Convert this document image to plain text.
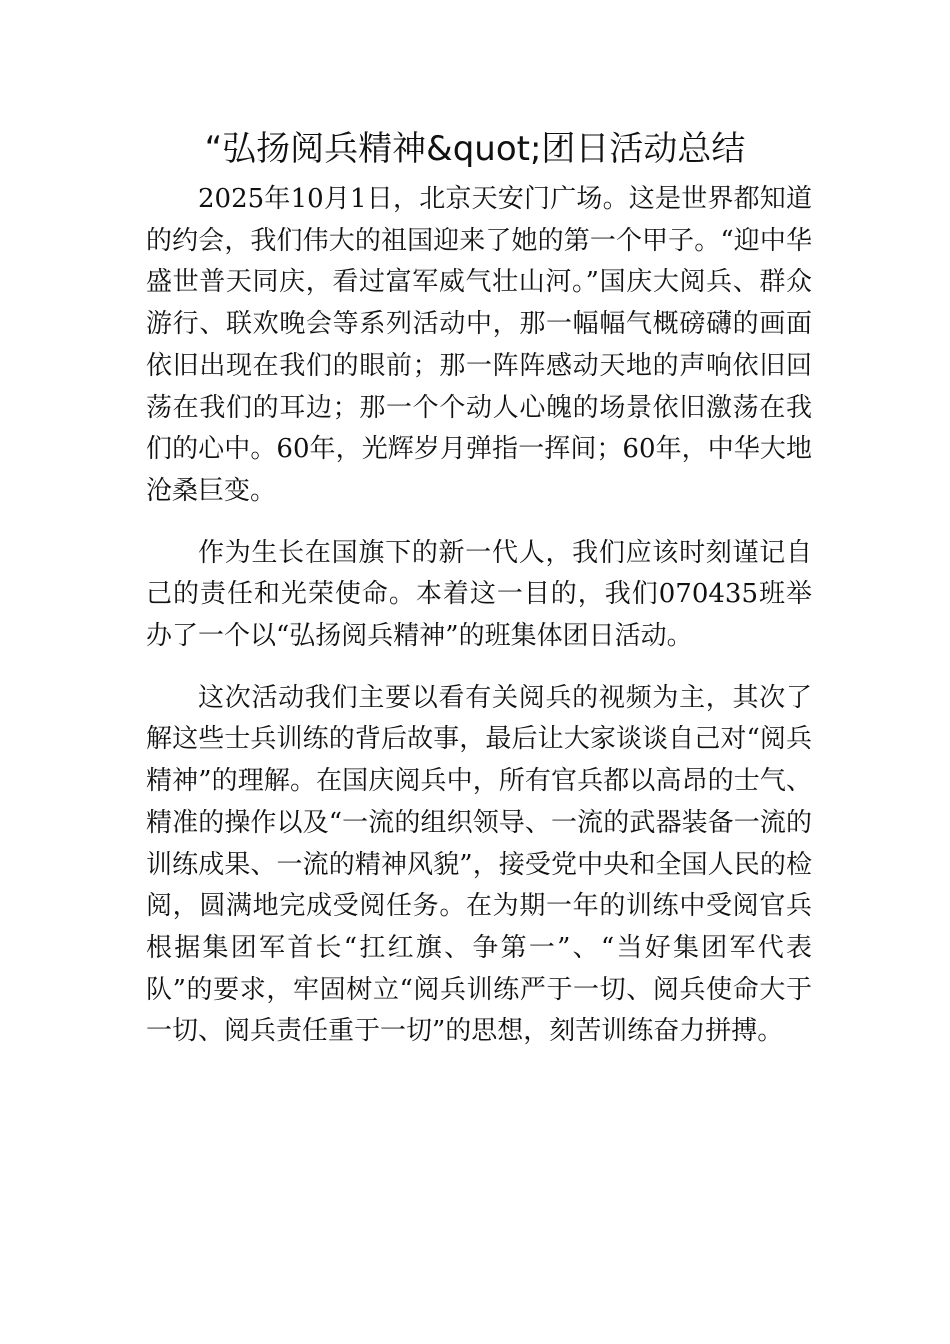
“弘扬阅兵精神&quot;团日活动总结

2025年10月1日，北京天安门广场。这是世界都知道的约会，我们伟大的祖国迎来了她的第一个甲子。“迎中华盛世普天同庆，看过富军威气壮山河。”国庆大阅兵、群众游行、联欢晚会等系列活动中，那一幅幅气概磅礴的画面依旧出现在我们的眼前；那一阵阵感动天地的声响依旧回荡在我们的耳边；那一个个动人心魄的场景依旧激荡在我们的心中。60年，光辉岁月弹指一挥间；60年，中华大地沧桑巨变。

作为生长在国旗下的新一代人，我们应该时刻谨记自己的责任和光荣使命。本着这一目的，我们070435班举办了一个以“弘扬阅兵精神”的班集体团日活动。

这次活动我们主要以看有关阅兵的视频为主，其次了解这些士兵训练的背后故事，最后让大家谈谈自己对“阅兵精神”的理解。在国庆阅兵中，所有官兵都以高昂的士气、精准的操作以及“一流的组织领导、一流的武器装备一流的训练成果、一流的精神风貌”，接受党中央和全国人民的检阅，圆满地完成受阅任务。在为期一年的训练中受阅官兵根据集团军首长“扛红旗、争第一”、“当好集团军代表队”的要求，牢固树立“阅兵训练严于一切、阅兵使命大于一切、阅兵责任重于一切”的思想，刻苦训练奋力拼搏。
